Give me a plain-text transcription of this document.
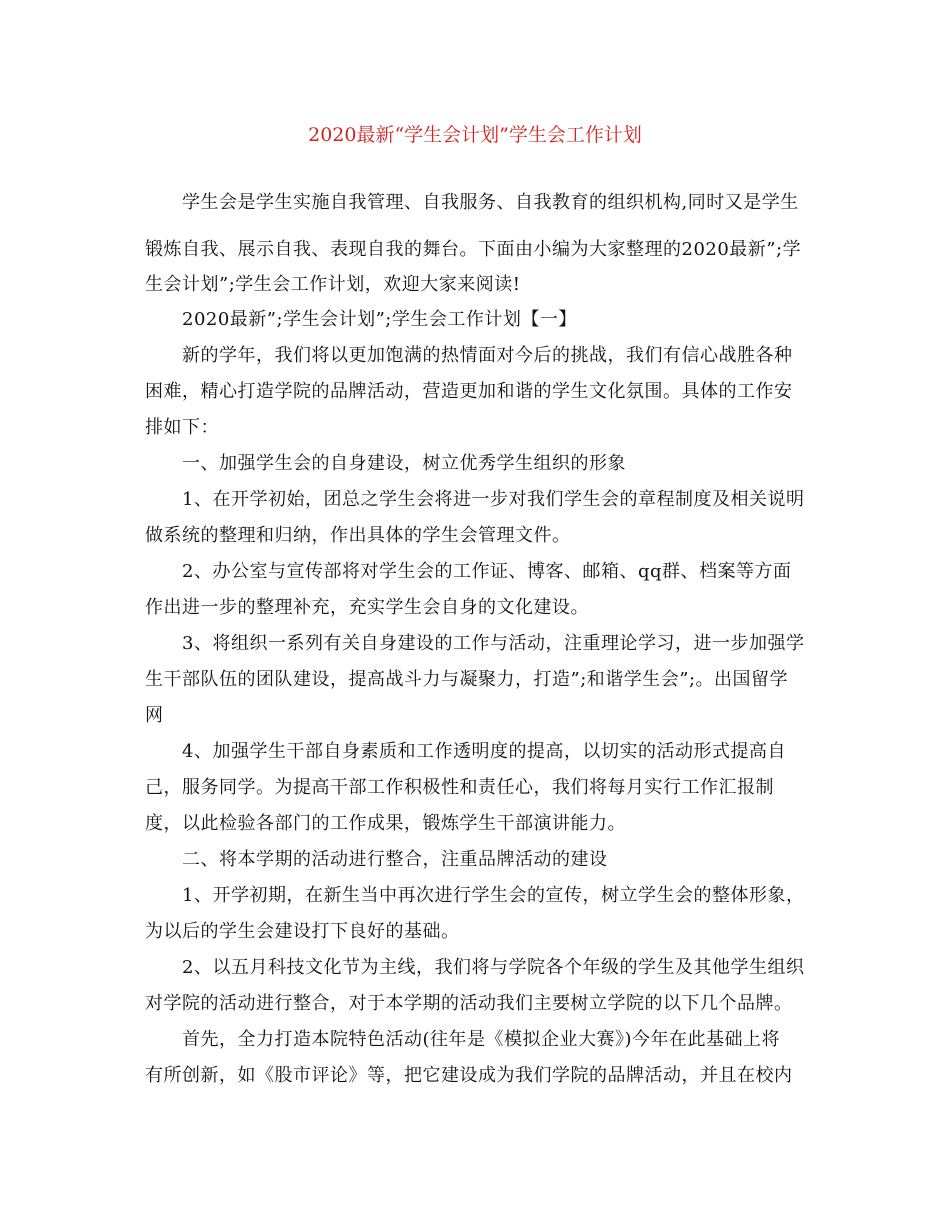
2020最新“学生会计划”学生会工作计划
学生会是学生实施自我管理、自我服务、自我教育的组织机构,同时又是学生
锻炼自我、展示自我、表现自我的舞台。下面由小编为大家整理的2020最新”;学
生会计划”;学生会工作计划，欢迎大家来阅读!
2020最新”;学生会计划”;学生会工作计划【一】
新的学年，我们将以更加饱满的热情面对今后的挑战，我们有信心战胜各种
困难，精心打造学院的品牌活动，营造更加和谐的学生文化氛围。具体的工作安
排如下：
一、加强学生会的自身建设，树立优秀学生组织的形象
1、在开学初始，团总之学生会将进一步对我们学生会的章程制度及相关说明
做系统的整理和归纳，作出具体的学生会管理文件。
2、办公室与宣传部将对学生会的工作证、博客、邮箱、qq群、档案等方面
作出进一步的整理补充，充实学生会自身的文化建设。
3、将组织一系列有关自身建设的工作与活动，注重理论学习，进一步加强学
生干部队伍的团队建设，提高战斗力与凝聚力，打造”;和谐学生会”;。出国留学
网
4、加强学生干部自身素质和工作透明度的提高，以切实的活动形式提高自
己，服务同学。为提高干部工作积极性和责任心，我们将每月实行工作汇报制
度，以此检验各部门的工作成果，锻炼学生干部演讲能力。
二、将本学期的活动进行整合，注重品牌活动的建设
1、开学初期，在新生当中再次进行学生会的宣传，树立学生会的整体形象，
为以后的学生会建设打下良好的基础。
2、以五月科技文化节为主线，我们将与学院各个年级的学生及其他学生组织
对学院的活动进行整合，对于本学期的活动我们主要树立学院的以下几个品牌。
首先，全力打造本院特色活动(往年是《模拟企业大赛》)今年在此基础上将
有所创新，如《股市评论》等，把它建设成为我们学院的品牌活动，并且在校内
